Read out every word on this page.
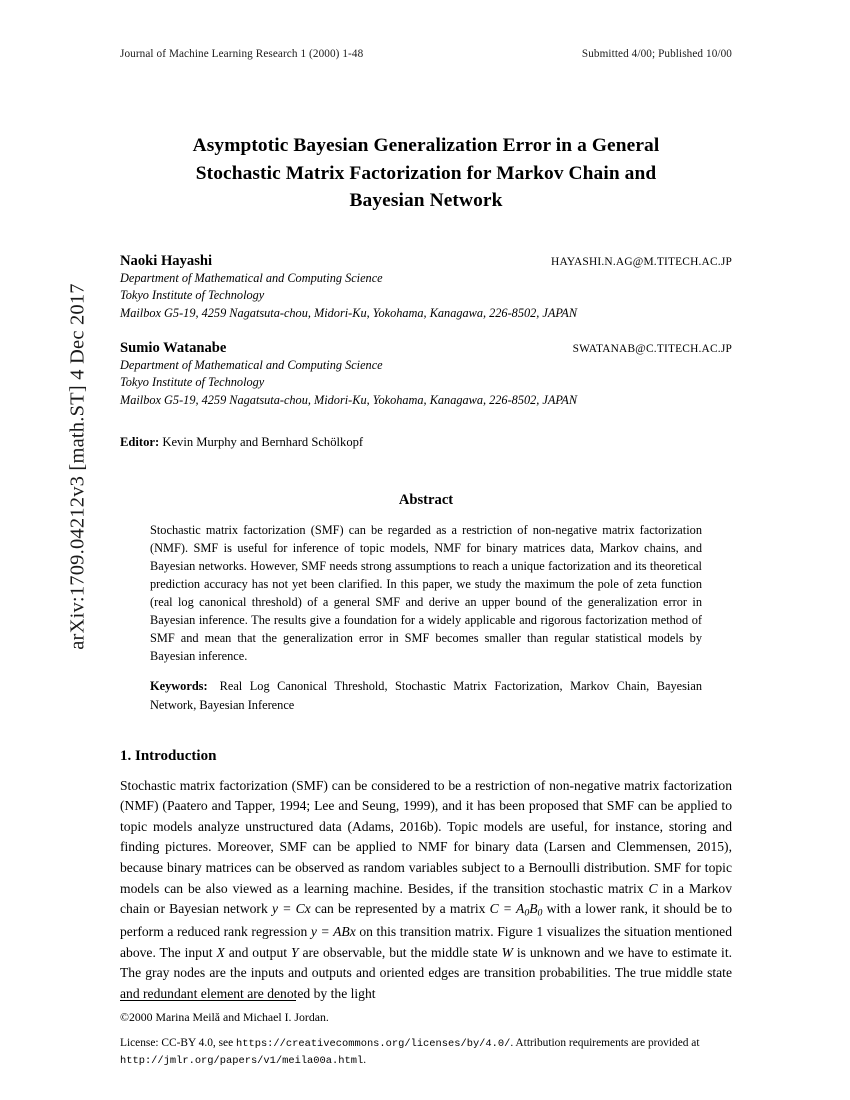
arXiv:1709.04212v3 [math.ST] 4 Dec 2017
Journal of Machine Learning Research 1 (2000) 1-48	Submitted 4/00; Published 10/00
Asymptotic Bayesian Generalization Error in a General
Stochastic Matrix Factorization for Markov Chain and
Bayesian Network
Naoki Hayashi	HAYASHI.N.AG@M.TITECH.AC.JP
Department of Mathematical and Computing Science
Tokyo Institute of Technology
Mailbox G5-19, 4259 Nagatsuta-chou, Midori-Ku, Yokohama, Kanagawa, 226-8502, JAPAN
Sumio Watanabe	SWATANAB@C.TITECH.AC.JP
Department of Mathematical and Computing Science
Tokyo Institute of Technology
Mailbox G5-19, 4259 Nagatsuta-chou, Midori-Ku, Yokohama, Kanagawa, 226-8502, JAPAN
Editor: Kevin Murphy and Bernhard Schölkopf
Abstract
Stochastic matrix factorization (SMF) can be regarded as a restriction of non-negative matrix factorization (NMF). SMF is useful for inference of topic models, NMF for binary matrices data, Markov chains, and Bayesian networks. However, SMF needs strong assumptions to reach a unique factorization and its theoretical prediction accuracy has not yet been clarified. In this paper, we study the maximum the pole of zeta function (real log canonical threshold) of a general SMF and derive an upper bound of the generalization error in Bayesian inference. The results give a foundation for a widely applicable and rigorous factorization method of SMF and mean that the generalization error in SMF becomes smaller than regular statistical models by Bayesian inference.
Keywords: Real Log Canonical Threshold, Stochastic Matrix Factorization, Markov Chain, Bayesian Network, Bayesian Inference
1. Introduction
Stochastic matrix factorization (SMF) can be considered to be a restriction of non-negative matrix factorization (NMF) (Paatero and Tapper, 1994; Lee and Seung, 1999), and it has been proposed that SMF can be applied to topic models analyze unstructured data (Adams, 2016b). Topic models are useful, for instance, storing and finding pictures. Moreover, SMF can be applied to NMF for binary data (Larsen and Clemmensen, 2015), because binary matrices can be observed as random variables subject to a Bernoulli distribution. SMF for topic models can be also viewed as a learning machine. Besides, if the transition stochastic matrix C in a Markov chain or Bayesian network y = Cx can be represented by a matrix $C = A_0B_0$ with a lower rank, it should be to perform a reduced rank regression y = ABx on this transition matrix. Figure 1 visualizes the situation mentioned above. The input X and output Y are observable, but the middle state W is unknown and we have to estimate it. The gray nodes are the inputs and outputs and oriented edges are transition probabilities. The true middle state and redundant element are denoted by the light
©2000 Marina Meilă and Michael I. Jordan.
License: CC-BY 4.0, see https://creativecommons.org/licenses/by/4.0/. Attribution requirements are provided at http://jmlr.org/papers/v1/meila00a.html.
